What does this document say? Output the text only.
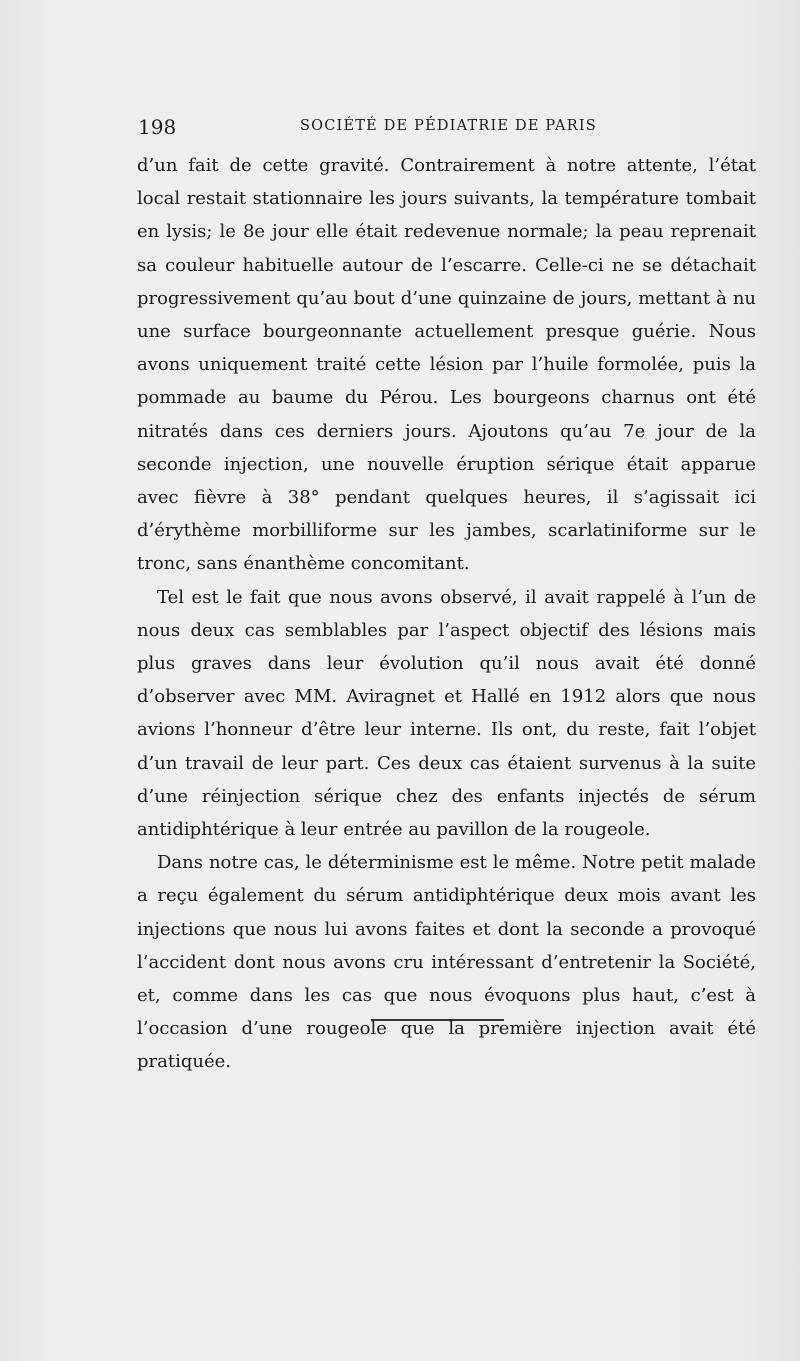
198	SOCIÉTÉ DE PÉDIATRIE DE PARIS

d’un fait de cette gravité. Contrairement à notre attente, l’état local restait stationnaire les jours suivants, la température tombait en lysis; le 8e jour elle était redevenue normale; la peau reprenait sa couleur habituelle autour de l’escarre. Celle-ci ne se détachait progressivement qu’au bout d’une quinzaine de jours, mettant à nu une surface bourgeonnante actuellement presque guérie. Nous avons uniquement traité cette lésion par l’huile formolée, puis la pommade au baume du Pérou. Les bourgeons charnus ont été nitratés dans ces derniers jours. Ajoutons qu’au 7e jour de la seconde injection, une nouvelle éruption sérique était apparue avec fièvre à 38° pendant quelques heures, il s’agissait ici d’érythème morbilliforme sur les jambes, scarlatiniforme sur le tronc, sans énanthème concomitant.

Tel est le fait que nous avons observé, il avait rappelé à l’un de nous deux cas semblables par l’aspect objectif des lésions mais plus graves dans leur évolution qu’il nous avait été donné d’observer avec MM. Aviragnet et Hallé en 1912 alors que nous avions l’honneur d’être leur interne. Ils ont, du reste, fait l’objet d’un travail de leur part. Ces deux cas étaient survenus à la suite d’une réinjection sérique chez des enfants injectés de sérum antidiphtérique à leur entrée au pavillon de la rougeole.

Dans notre cas, le déterminisme est le même. Notre petit malade a reçu également du sérum antidiphtérique deux mois avant les injections que nous lui avons faites et dont la seconde a provoqué l’accident dont nous avons cru intéressant d’entretenir la Société, et, comme dans les cas que nous évoquons plus haut, c’est à l’occasion d’une rougeole que la première injection avait été pratiquée.
